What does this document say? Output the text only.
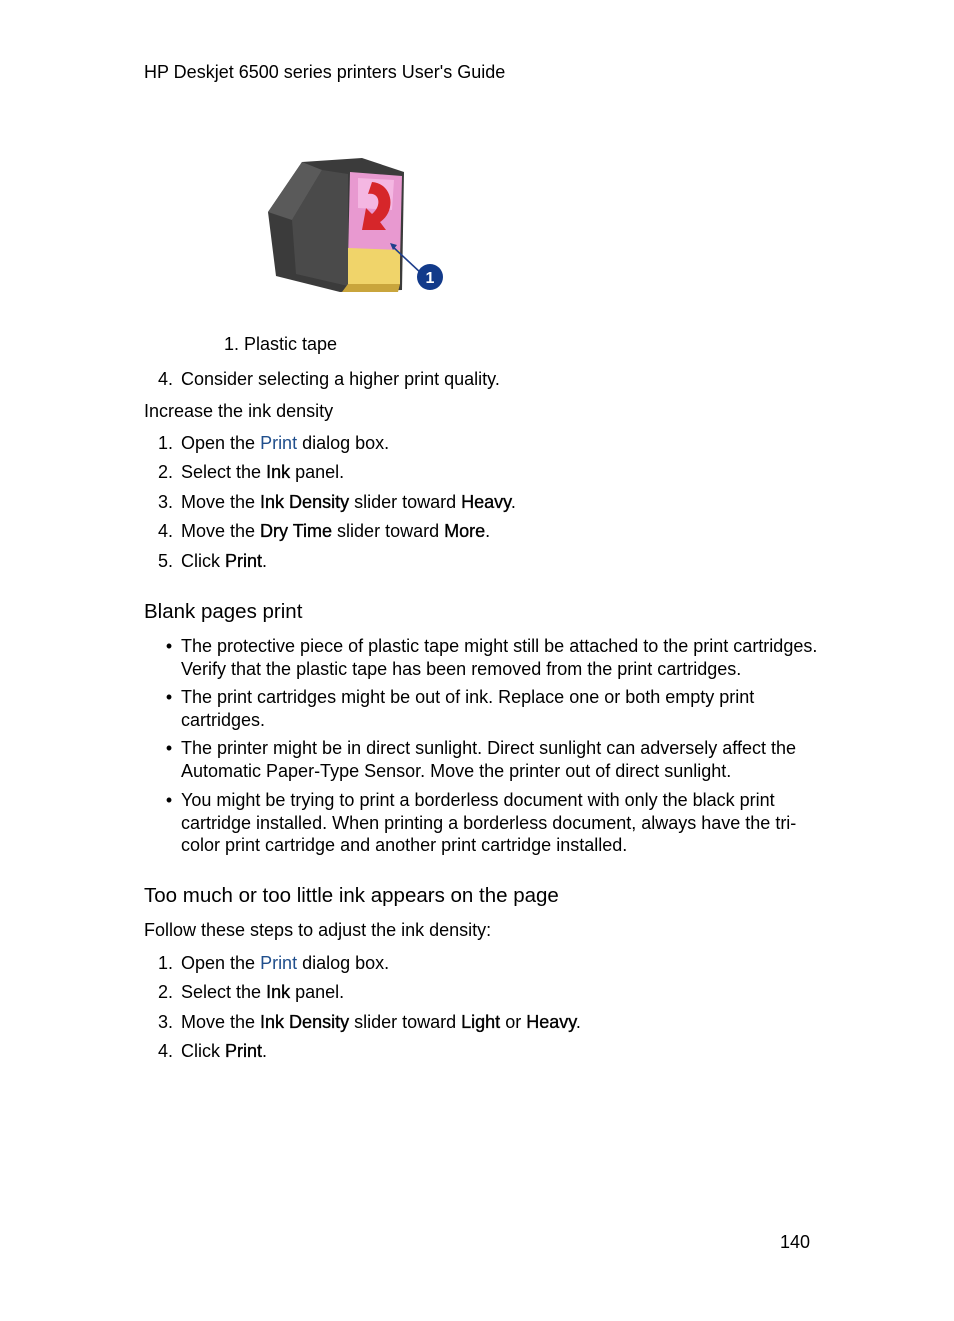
HP Deskjet 6500 series printers User's Guide
1
1. Plastic tape
4. Consider selecting a higher print quality.
Increase the ink density
1. Open the Print dialog box.
2. Select the Ink panel.
3. Move the Ink Density slider toward Heavy.
4. Move the Dry Time slider toward More.
5. Click Print.
Blank pages print
• The protective piece of plastic tape might still be attached to the print cartridges.
Verify that the plastic tape has been removed from the print cartridges.
• The print cartridges might be out of ink. Replace one or both empty print
cartridges.
• The printer might be in direct sunlight. Direct sunlight can adversely affect the
Automatic Paper-Type Sensor. Move the printer out of direct sunlight.
• You might be trying to print a borderless document with only the black print
cartridge installed. When printing a borderless document, always have the tri-
color print cartridge and another print cartridge installed.
Too much or too little ink appears on the page
Follow these steps to adjust the ink density:
1. Open the Print dialog box.
2. Select the Ink panel.
3. Move the Ink Density slider toward Light or Heavy.
4. Click Print.
140
